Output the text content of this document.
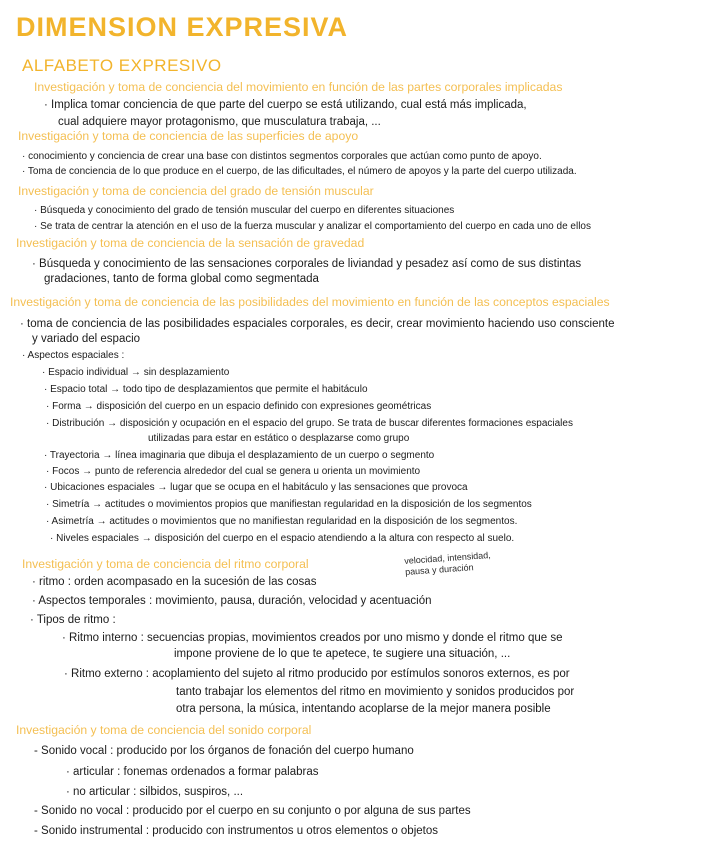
DIMENSION EXPRESIVA
ALFABETO EXPRESIVO
Investigación y toma de conciencia del movimiento en función de las partes corporales implicadas
· Implica tomar conciencia de que parte del cuerpo se está utilizando, cual está más implicada,
cual adquiere mayor protagonismo, que musculatura trabaja, ...
Investigación y toma de conciencia de las superficies de apoyo
· conocimiento y conciencia de crear una base con distintos segmentos corporales que actúan como punto de apoyo.
· Toma de conciencia de lo que produce en el cuerpo, de las dificultades, el número de apoyos y la parte del cuerpo utilizada.
Investigación y toma de conciencia del grado de tensión muscular
· Búsqueda y conocimiento del grado de tensión muscular del cuerpo en diferentes situaciones
· Se trata de centrar la atención en el uso de la fuerza muscular y analizar el comportamiento del cuerpo en cada uno de ellos
Investigación y toma de conciencia de la sensación de gravedad
· Búsqueda y conocimiento de las sensaciones corporales de liviandad y pesadez así como de sus distintas
gradaciones, tanto de forma global como segmentada
Investigación y toma de conciencia de las posibilidades del movimiento en función de las conceptos espaciales
· toma de conciencia de las posibilidades espaciales corporales, es decir, crear movimiento haciendo uso consciente
y variado del espacio
· Aspectos espaciales :
· Espacio individual → sin desplazamiento
· Espacio total → todo tipo de desplazamientos que permite el habitáculo
· Forma → disposición del cuerpo en un espacio definido con expresiones geométricas
· Distribución → disposición y ocupación en el espacio del grupo. Se trata de buscar diferentes formaciones espaciales
utilizadas para estar en estático o desplazarse como grupo
· Trayectoria → línea imaginaria que dibuja el desplazamiento de un cuerpo o segmento
· Focos → punto de referencia alrededor del cual se genera u orienta un movimiento
· Ubicaciones espaciales → lugar que se ocupa en el habitáculo y las sensaciones que provoca
· Simetría → actitudes o movimientos propios que manifiestan regularidad en la disposición de los segmentos
· Asimetría → actitudes o movimientos que no manifiestan regularidad en la disposición de los segmentos.
· Niveles espaciales → disposición del cuerpo en el espacio atendiendo a la altura con respecto al suelo.
Investigación y toma de conciencia del ritmo corporal	velocidad, intensidad, pausa y duración
· ritmo : orden acompasado en la sucesión de las cosas
· Aspectos temporales : movimiento, pausa, duración, velocidad y acentuación
· Tipos de ritmo :
· Ritmo interno : secuencias propias, movimientos creados por uno mismo y donde el ritmo que se
impone proviene de lo que te apetece, te sugiere una situación, ...
· Ritmo externo : acoplamiento del sujeto al ritmo producido por estímulos sonoros externos, es por
tanto trabajar los elementos del ritmo en movimiento y sonidos producidos por
otra persona, la música, intentando acoplarse de la mejor manera posible
Investigación y toma de conciencia del sonido corporal
- Sonido vocal : producido por los órganos de fonación del cuerpo humano
· articular : fonemas ordenados a formar palabras
· no articular : silbidos, suspiros, ...
- Sonido no vocal : producido por el cuerpo en su conjunto o por alguna de sus partes
- Sonido instrumental : producido con instrumentos u otros elementos o objetos
